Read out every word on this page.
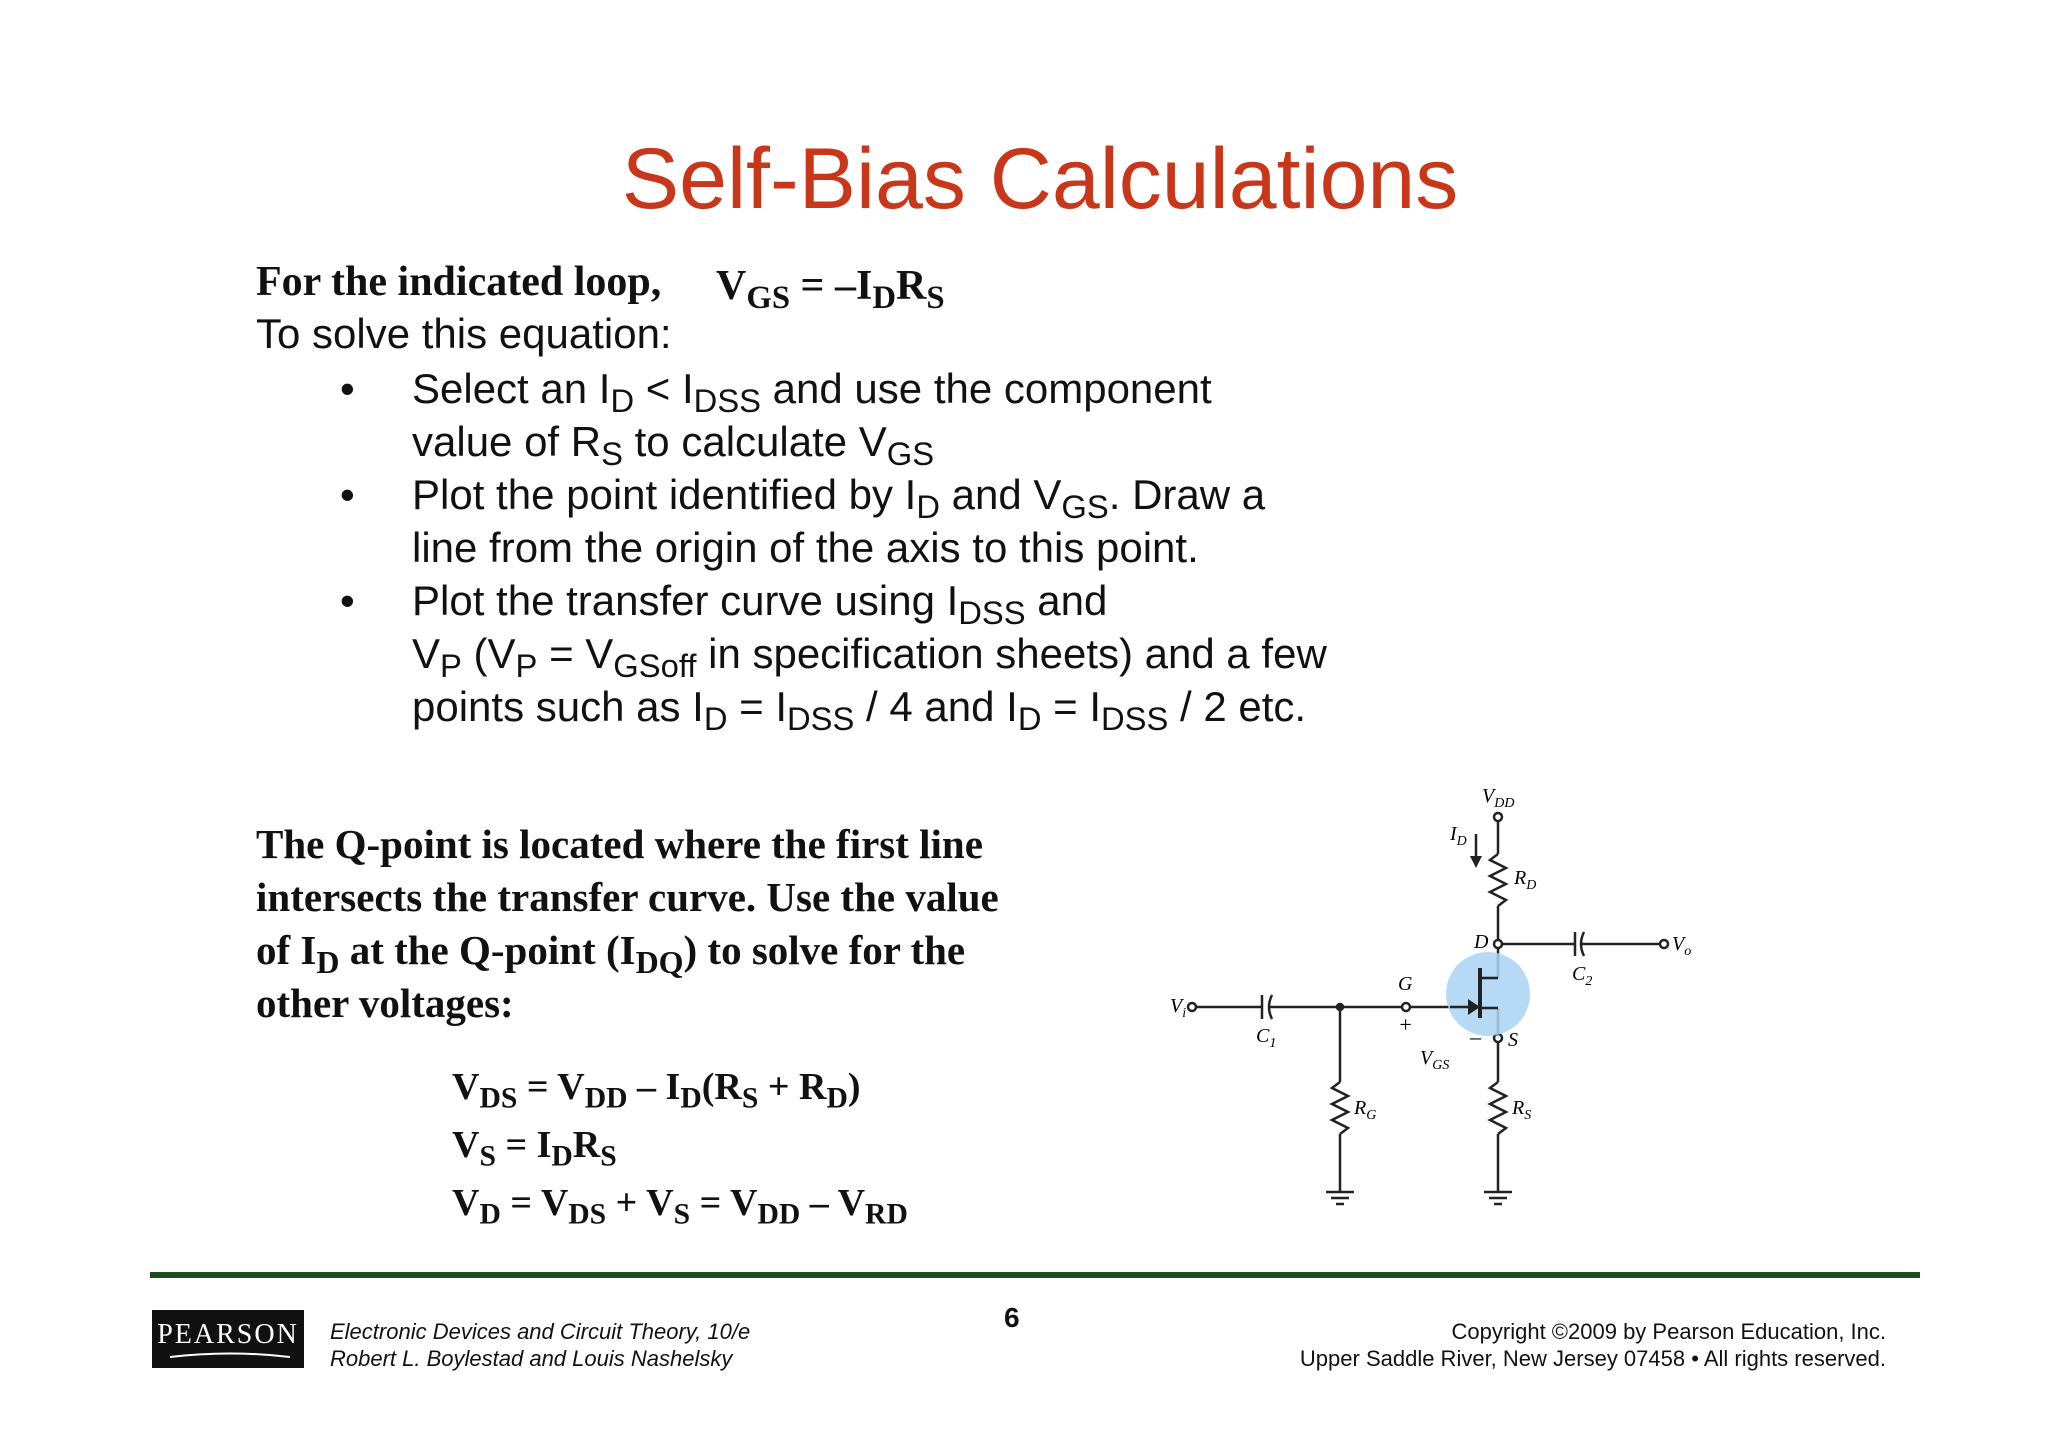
Self-Bias Calculations
For the indicated loop, $V_{GS} = -I_DR_S$
To solve this equation:
• Select an $I_D < I_{DSS}$ and use the component
value of $R_S$ to calculate $V_{GS}$
• Plot the point identified by $I_D$ and $V_{GS}$. Draw a
line from the origin of the axis to this point.
• Plot the transfer curve using $I_{DSS}$ and
$V_P$ ($V_P = V_{GSoff}$ in specification sheets) and a few
points such as $I_D = I_{DSS} / 4$ and $I_D = I_{DSS} / 2$ etc.
The Q-point is located where the first line
intersects the transfer curve. Use the value
of $I_D$ at the Q-point $(I_{DQ})$ to solve for the
other voltages:
$V_{DS} = V_{DD} - I_D(R_S + R_D)$
$V_S = I_DR_S$
$V_D = V_{DS} + V_S = V_{DD} - V_{RD}$
$V_{DD}$
$I_D$
$R_D$
D
$C_2$
$V_o$
$V_i$
$C_1$
G
+	–
$V_{GS}$
S
$R_G$	$R_S$
PEARSON Electronic Devices and Circuit Theory, 10/e
Robert L. Boylestad and Louis Nashelsky
6	Copyright ©2009 by Pearson Education, Inc.
Upper Saddle River, New Jersey 07458 • All rights reserved.
